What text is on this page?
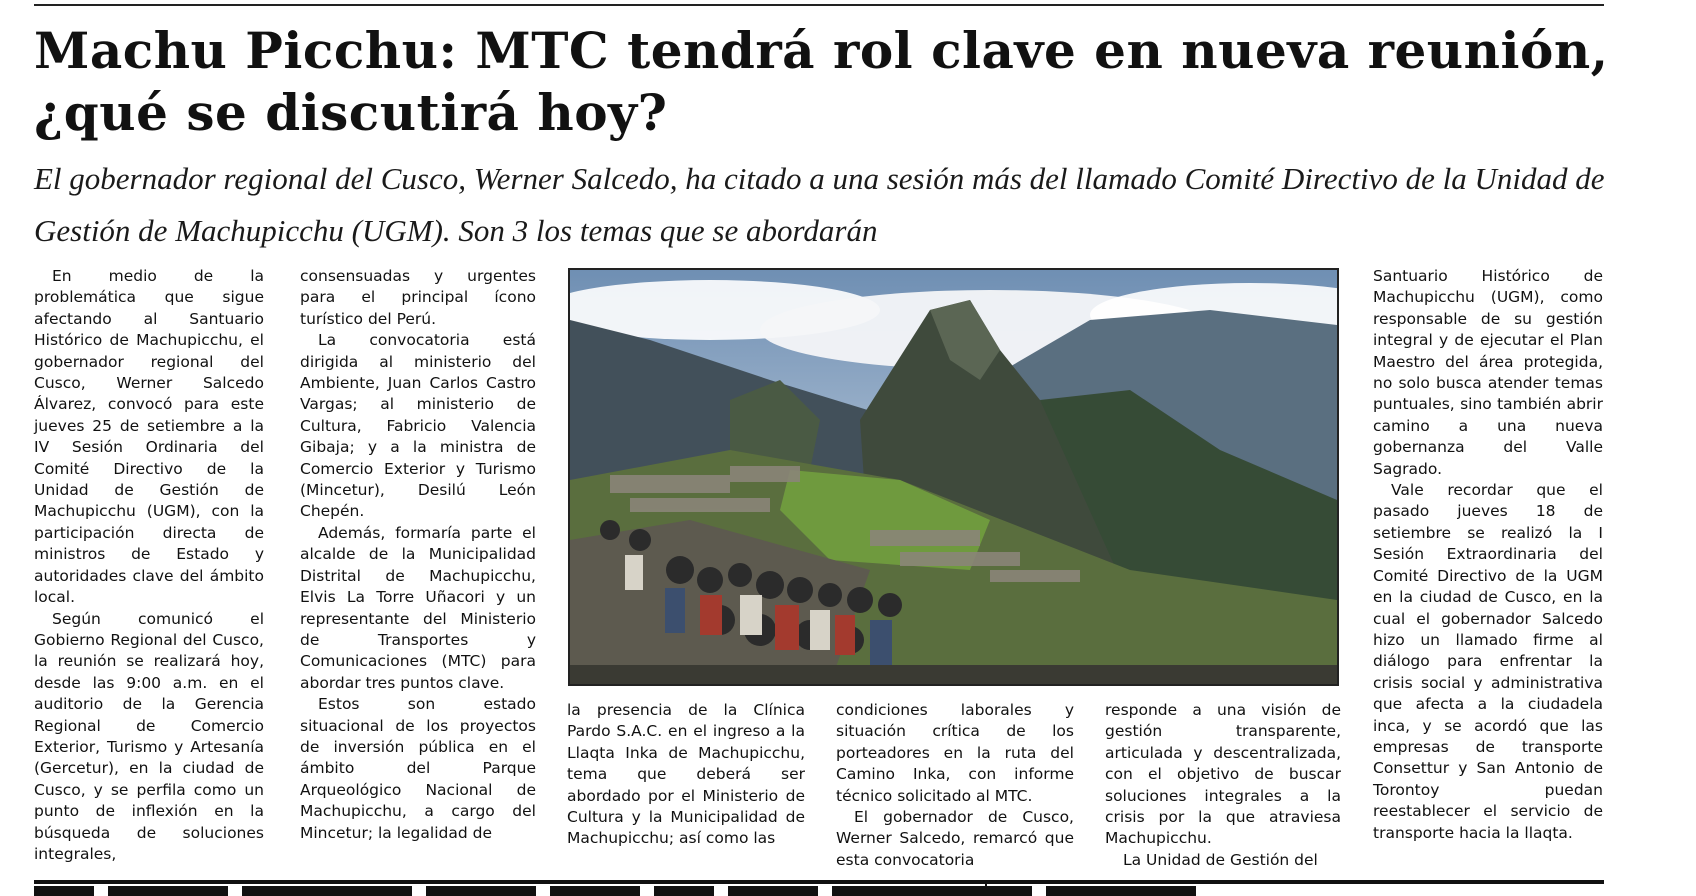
Machu Picchu: MTC tendrá rol clave en nueva reunión, ¿qué se discutirá hoy?

El gobernador regional del Cusco, Werner Salcedo, ha citado a una sesión más del llamado Comité Directivo de la Unidad de Gestión de Machupicchu (UGM). Son 3 los temas que se abordarán

En medio de la problemática que sigue afectando al Santuario Histórico de Machupicchu, el gobernador regional del Cusco, Werner Salcedo Álvarez, convocó para este jueves 25 de setiembre a la IV Sesión Ordinaria del Comité Directivo de la Unidad de Gestión de Machupicchu (UGM), con la participación directa de ministros de Estado y autoridades clave del ámbito local.

Según comunicó el Gobierno Regional del Cusco, la reunión se realizará hoy, desde las 9:00 a.m. en el auditorio de la Gerencia Regional de Comercio Exterior, Turismo y Artesanía (Gercetur), en la ciudad de Cusco, y se perfila como un punto de inflexión en la búsqueda de soluciones integrales,

consensuadas y urgentes para el principal ícono turístico del Perú.

La convocatoria está dirigida al ministerio del Ambiente, Juan Carlos Castro Vargas; al ministerio de Cultura, Fabricio Valencia Gibaja; y a la ministra de Comercio Exterior y Turismo (Mincetur), Desilú León Chepén.

Además, formaría parte el alcalde de la Municipalidad Distrital de Machupicchu, Elvis La Torre Uñacori y un representante del Ministerio de Transportes y Comunicaciones (MTC) para abordar tres puntos clave.

Estos son estado situacional de los proyectos de inversión pública en el ámbito del Parque Arqueológico Nacional de Machupicchu, a cargo del Mincetur; la legalidad de

la presencia de la Clínica Pardo S.A.C. en el ingreso a la Llaqta Inka de Machupicchu, tema que deberá ser abordado por el Ministerio de Cultura y la Municipalidad de Machupicchu; así como las

condiciones laborales y situación crítica de los porteadores en la ruta del Camino Inka, con informe técnico solicitado al MTC.

El gobernador de Cusco, Werner Salcedo, remarcó que esta convocatoria

responde a una visión de gestión transparente, articulada y descentralizada, con el objetivo de buscar soluciones integrales a la crisis por la que atraviesa Machupicchu.

La Unidad de Gestión del

Santuario Histórico de Machupicchu (UGM), como responsable de su gestión integral y de ejecutar el Plan Maestro del área protegida, no solo busca atender temas puntuales, sino también abrir camino a una nueva gobernanza del Valle Sagrado.

Vale recordar que el pasado jueves 18 de setiembre se realizó la I Sesión Extraordinaria del Comité Directivo de la UGM en la ciudad de Cusco, en la cual el gobernador Salcedo hizo un llamado firme al diálogo para enfrentar la crisis social y administrativa que afecta a la ciudadela inca, y se acordó que las empresas de transporte Consettur y San Antonio de Torontoy puedan reestablecer el servicio de transporte hacia la llaqta.
